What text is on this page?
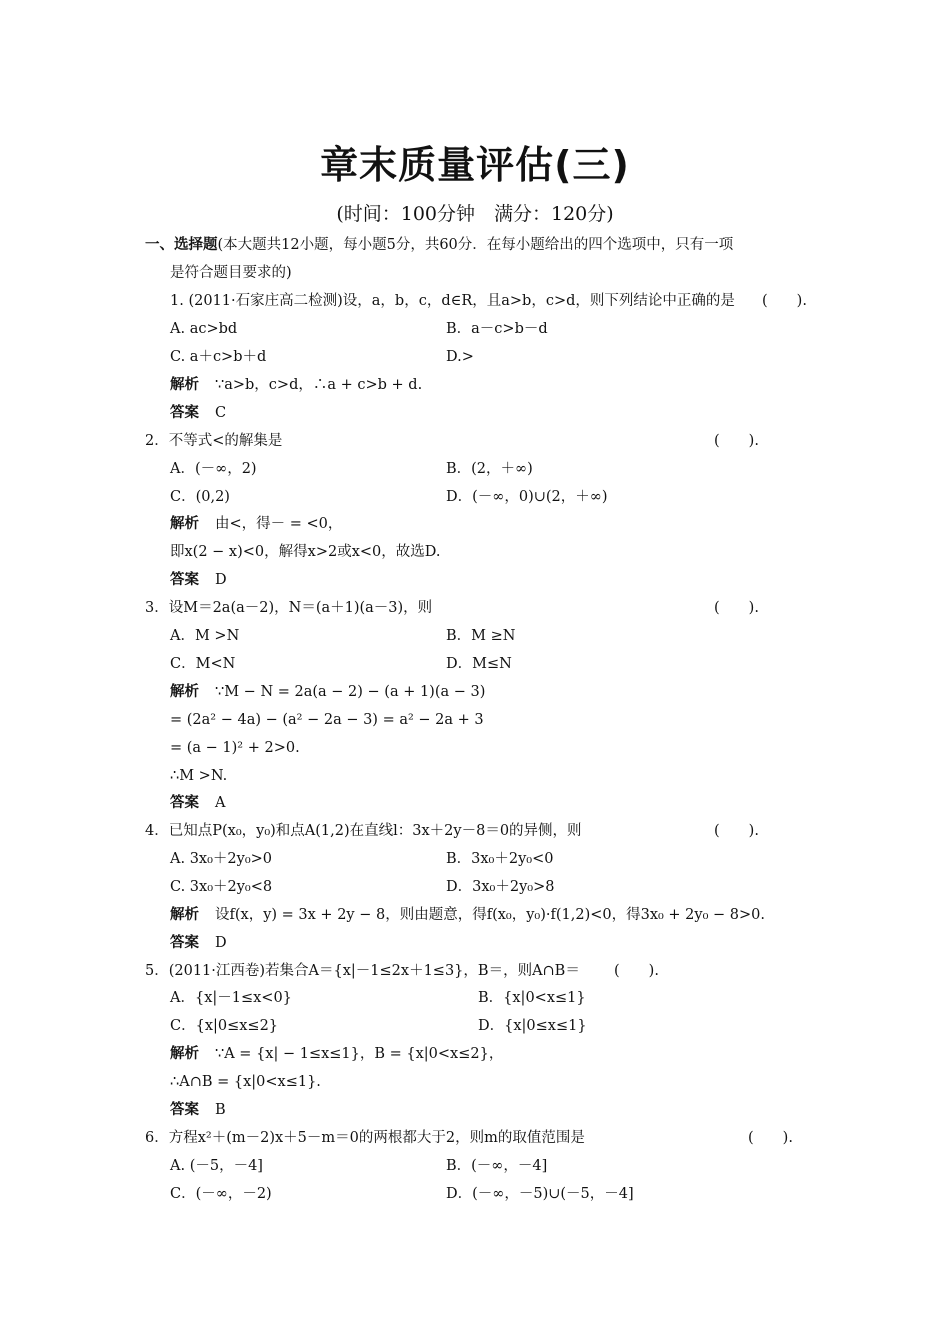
章末质量评估(三)
(时间：100分钟　满分：120分)
一、选择题(本大题共12小题，每小题5分，共60分．在每小题给出的四个选项中，只有一项
是符合题目要求的)
1. (2011·石家庄高二检测)设，a，b，c，d∈R，且a>b，c>d，则下列结论中正确的是 (　　).
A. ac>bd	B．a－c>b－d
C. a＋c>b＋d	D.>
解析 ∵a>b，c>d，∴a + c>b + d.
答案 C
2．不等式<的解集是	(　　).
A．(－∞，2)	B．(2，＋∞)
C．(0,2)	D．(－∞，0)∪(2，＋∞)
解析 由<，得－ = <0，
即x(2 − x)<0，解得x>2或x<0，故选D.
答案 D
3．设M＝2a(a－2)，N＝(a＋1)(a－3)，则	(　　).
A．M >N	B．M ≥N
C．M<N	D．M≤N
解析 ∵M − N = 2a(a − 2) − (a + 1)(a − 3)
= (2a² − 4a) − (a² − 2a − 3) = a² − 2a + 3
= (a − 1)² + 2>0.
∴M >N.
答案 A
4．已知点P(x₀，y₀)和点A(1,2)在直线l：3x＋2y－8＝0的异侧，则	(　　).
A. 3x₀＋2y₀>0	B．3x₀＋2y₀<0
C. 3x₀＋2y₀<8	D．3x₀＋2y₀>8
解析 设f(x，y) = 3x + 2y − 8，则由题意，得f(x₀，y₀)·f(1,2)<0，得3x₀ + 2y₀ − 8>0.
答案 D
5．(2011·江西卷)若集合A＝{x|－1≤2x＋1≤3}，B＝，则A∩B＝ (　　).
A．{x|－1≤x<0}	B．{x|0<x≤1}
C．{x|0≤x≤2}	D．{x|0≤x≤1}
解析 ∵A = {x| − 1≤x≤1}，B = {x|0<x≤2}，
∴A∩B = {x|0<x≤1}.
答案 B
6．方程x²＋(m－2)x＋5－m＝0的两根都大于2，则m的取值范围是	(　　).
A. (－5，－4]	B．(－∞，－4]
C．(－∞，－2)	D．(－∞，－5)∪(－5，－4]
